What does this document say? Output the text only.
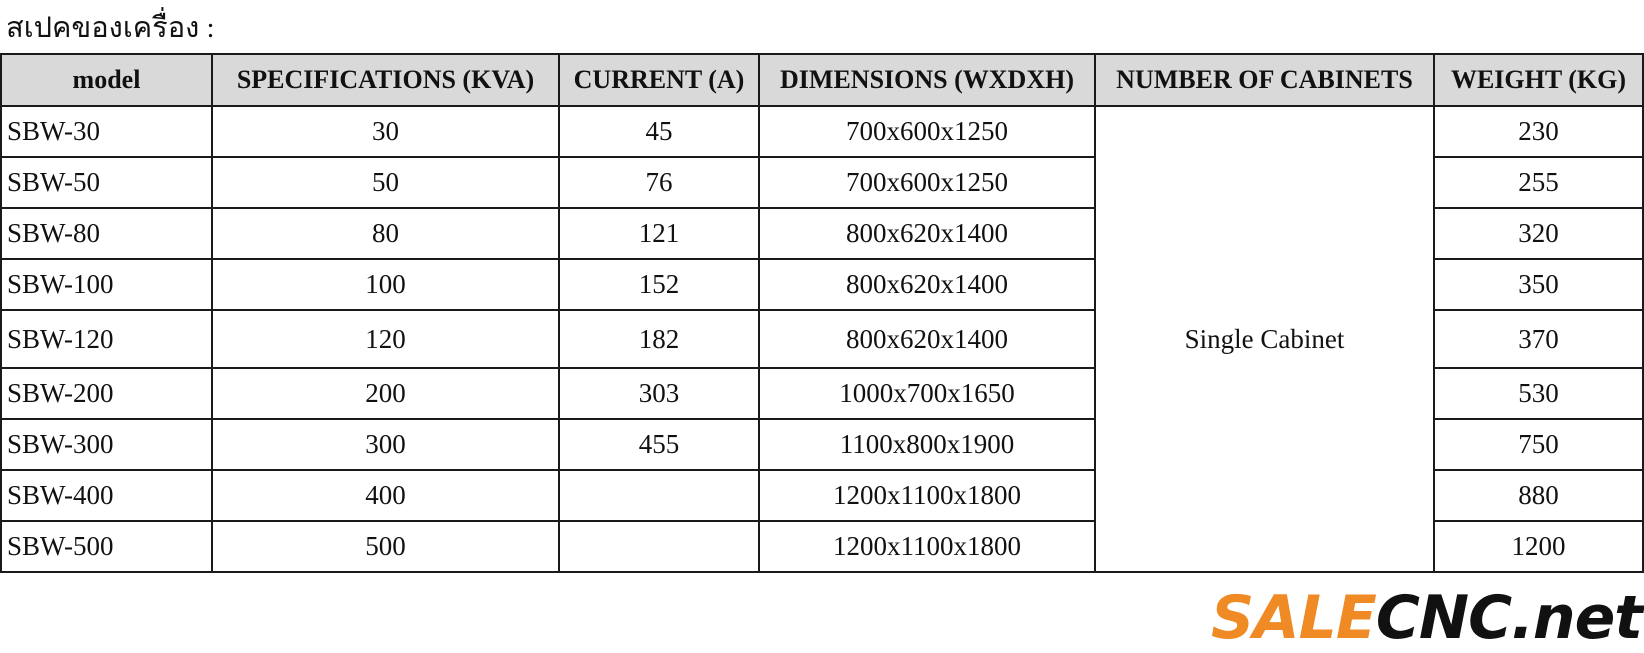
สเปคของเครื่อง :
model	SPECIFICATIONS (KVA)	CURRENT (A)	DIMENSIONS (WXDXH)	NUMBER OF CABINETS	WEIGHT (KG)
SBW-30	30	45	700x600x1250	Single Cabinet	230
SBW-50	50	76	700x600x1250		255
SBW-80	80	121	800x620x1400		320
SBW-100	100	152	800x620x1400		350
SBW-120	120	182	800x620x1400		370
SBW-200	200	303	1000x700x1650		530
SBW-300	300	455	1100x800x1900		750
SBW-400	400		1200x1100x1800		880
SBW-500	500		1200x1100x1800		1200
SALECNC.net
